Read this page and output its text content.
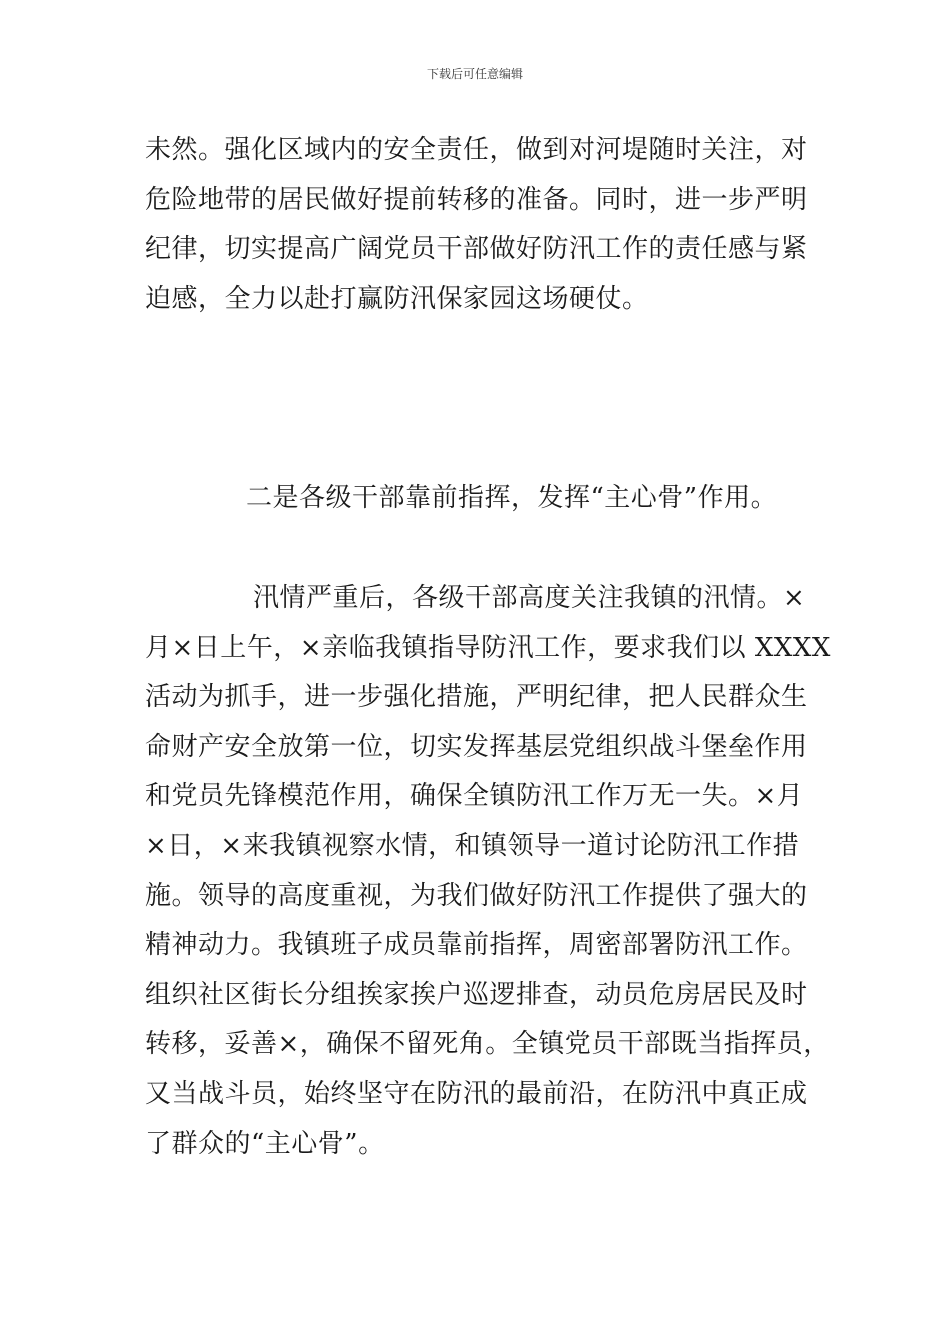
下载后可任意编辑

未然。强化区域内的安全责任，做到对河堤随时关注，对
危险地带的居民做好提前转移的准备。同时，进一步严明
纪律，切实提高广阔党员干部做好防汛工作的责任感与紧
迫感，全力以赴打赢防汛保家园这场硬仗。

二是各级干部靠前指挥，发挥“主心骨”作用。

汛情严重后，各级干部高度关注我镇的汛情。×
月×日上午，×亲临我镇指导防汛工作，要求我们以 XXXX
活动为抓手，进一步强化措施，严明纪律，把人民群众生
命财产安全放第一位，切实发挥基层党组织战斗堡垒作用
和党员先锋模范作用，确保全镇防汛工作万无一失。×月
×日，×来我镇视察水情，和镇领导一道讨论防汛工作措
施。领导的高度重视，为我们做好防汛工作提供了强大的
精神动力。我镇班子成员靠前指挥，周密部署防汛工作。
组织社区街长分组挨家挨户巡逻排查，动员危房居民及时
转移，妥善×，确保不留死角。全镇党员干部既当指挥员，
又当战斗员，始终坚守在防汛的最前沿，在防汛中真正成
了群众的“主心骨”。
